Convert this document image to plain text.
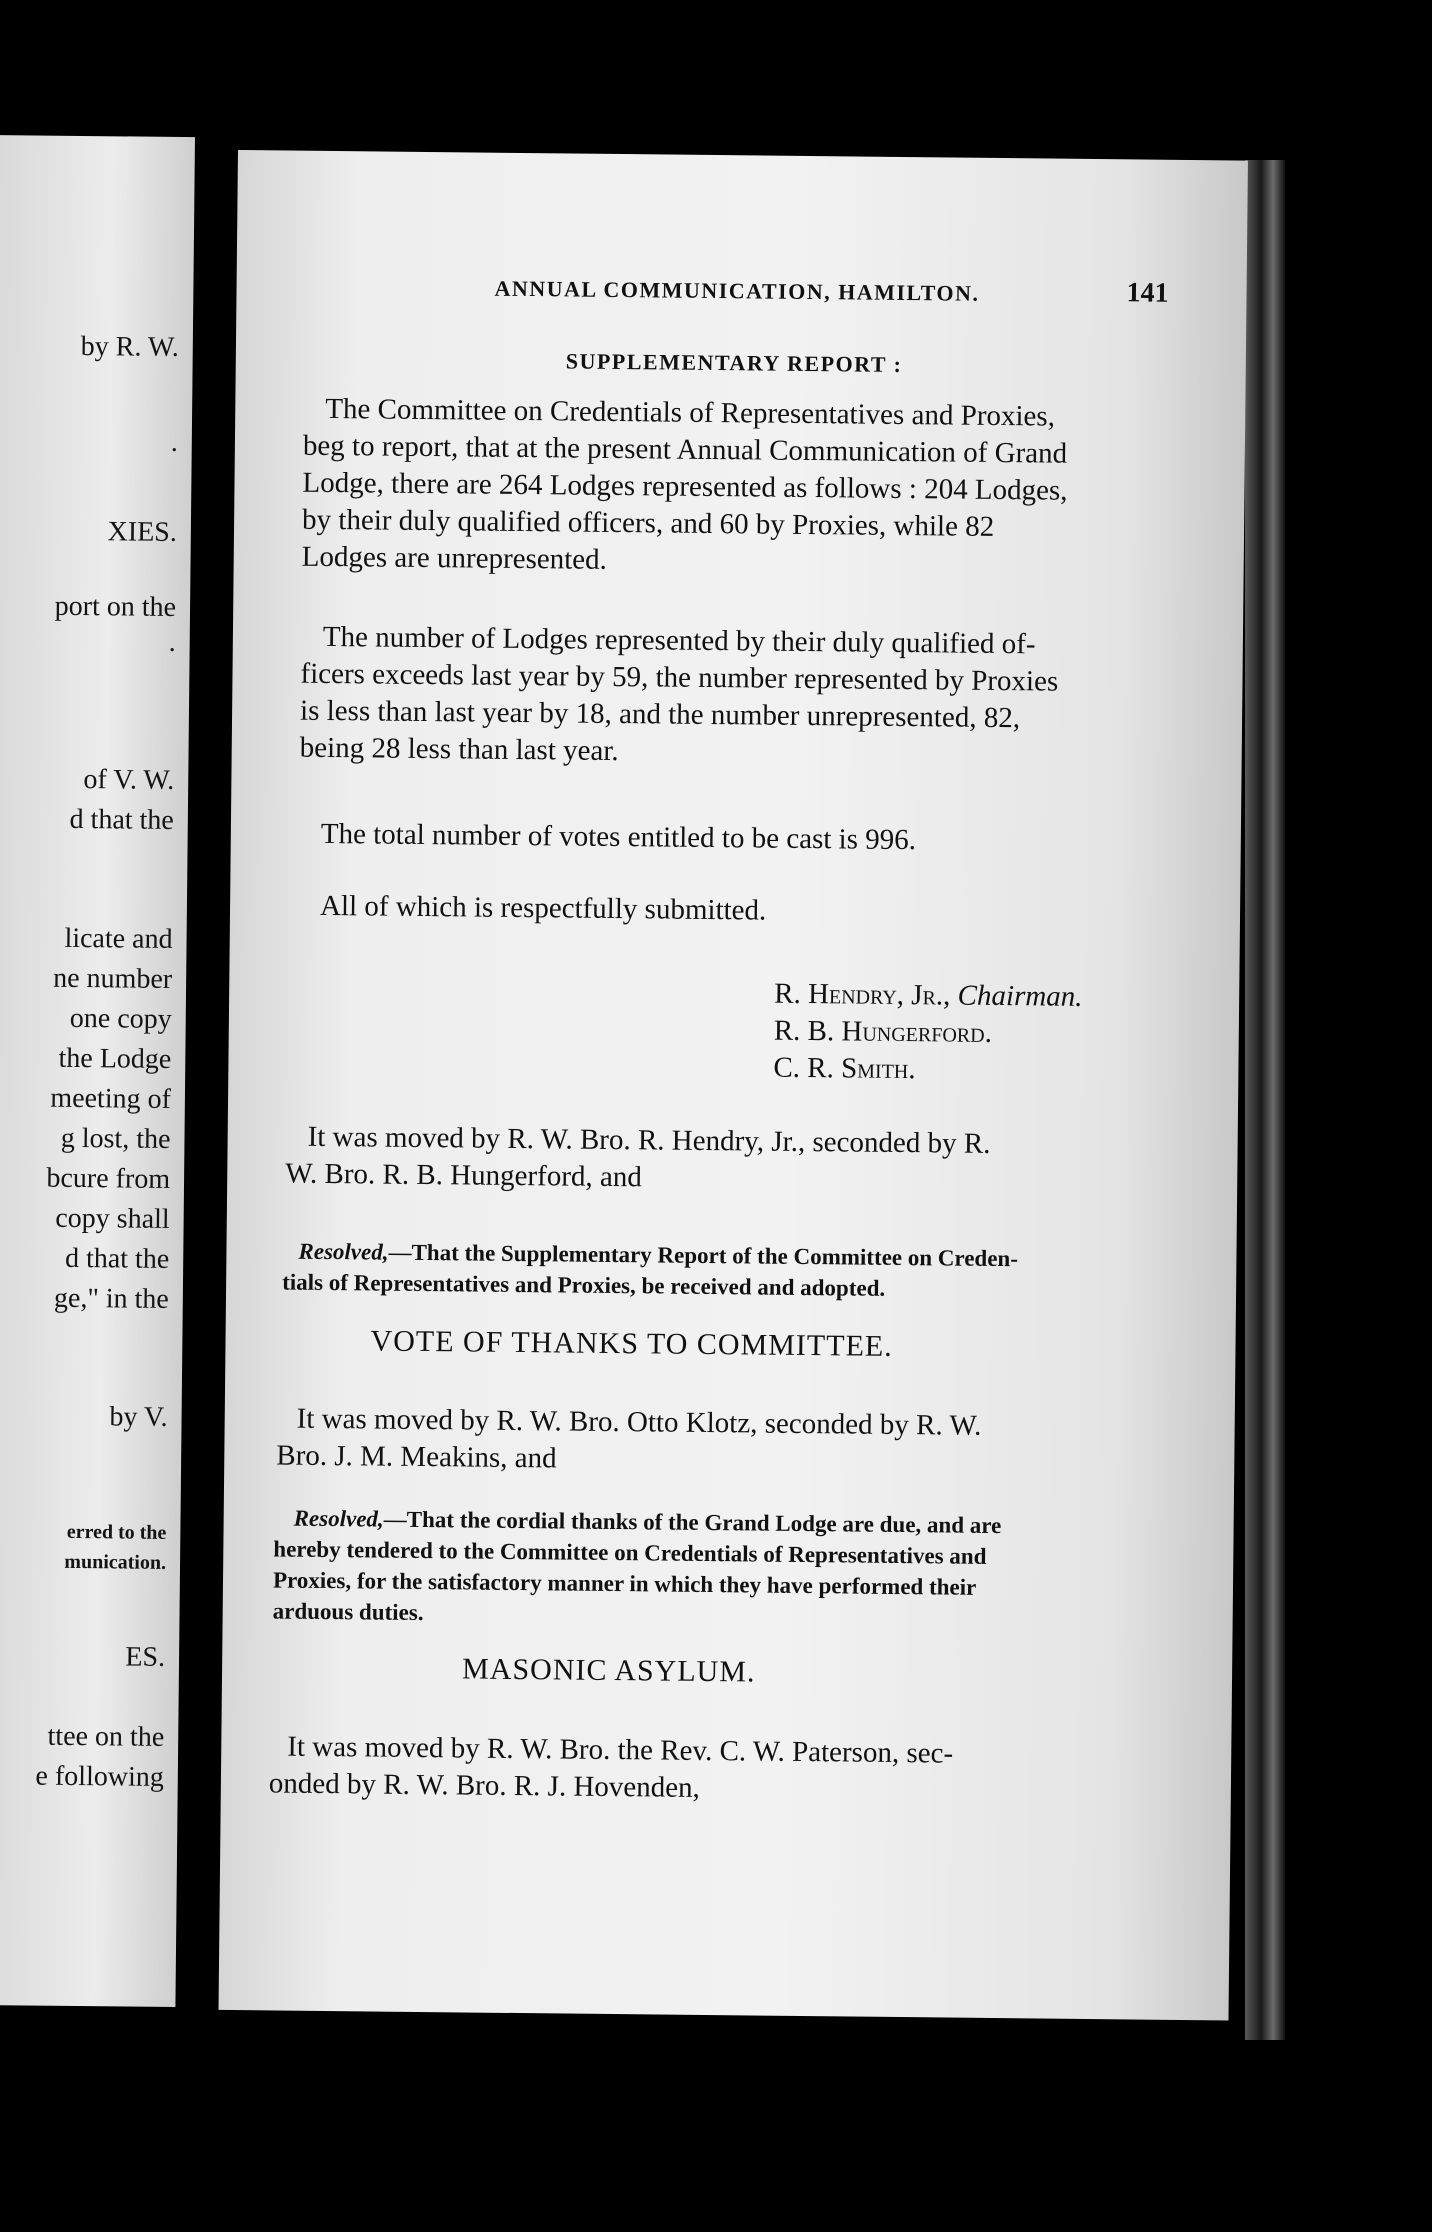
by R. W.
.
XIES.
port on the
.
of V. W.
d that the
licate and
ne number
one copy
the Lodge
meeting of
g lost, the
bcure from
copy shall
d that the
ge," in the
by V.
erred to the
munication.
ES.
ttee on the
e following
ANNUAL COMMUNICATION, HAMILTON.	141
SUPPLEMENTARY REPORT :
The Committee on Credentials of Representatives and Proxies,
beg to report, that at the present Annual Communication of Grand
Lodge, there are 264 Lodges represented as follows : 204 Lodges,
by their duly qualified officers, and 60 by Proxies, while 82
Lodges are unrepresented.
The number of Lodges represented by their duly qualified of-
ficers exceeds last year by 59, the number represented by Proxies
is less than last year by 18, and the number unrepresented, 82,
being 28 less than last year.
The total number of votes entitled to be cast is 996.
All of which is respectfully submitted.
R. Hendry, Jr., Chairman.
R. B. Hungerford.
C. R. Smith.
It was moved by R. W. Bro. R. Hendry, Jr., seconded by R.
W. Bro. R. B. Hungerford, and
Resolved,—That the Supplementary Report of the Committee on Creden-
tials of Representatives and Proxies, be received and adopted.
VOTE OF THANKS TO COMMITTEE.
It was moved by R. W. Bro. Otto Klotz, seconded by R. W.
Bro. J. M. Meakins, and
Resolved,—That the cordial thanks of the Grand Lodge are due, and are
hereby tendered to the Committee on Credentials of Representatives and
Proxies, for the satisfactory manner in which they have performed their
arduous duties.
MASONIC ASYLUM.
It was moved by R. W. Bro. the Rev. C. W. Paterson, sec-
onded by R. W. Bro. R. J. Hovenden,
